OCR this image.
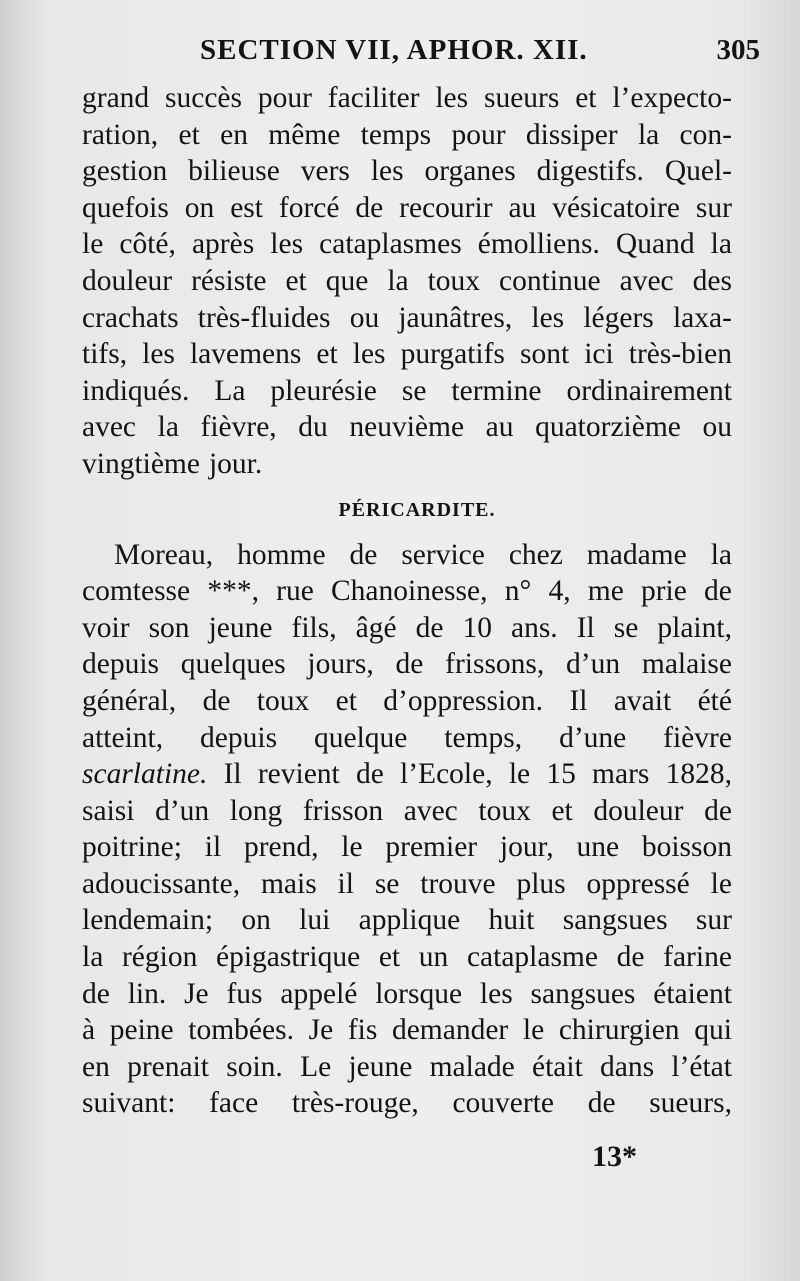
SECTION VII, APHOR. XII.	305
grand succès pour faciliter les sueurs et l’expecto-
ration, et en même temps pour dissiper la con-
gestion bilieuse vers les organes digestifs. Quel-
quefois on est forcé de recourir au vésicatoire sur
le côté, après les cataplasmes émolliens. Quand la
douleur résiste et que la toux continue avec des
crachats très-fluides ou jaunâtres, les légers laxa-
tifs, les lavemens et les purgatifs sont ici très-bien
indiqués. La pleurésie se termine ordinairement
avec la fièvre, du neuvième au quatorzième ou
vingtième jour.
PÉRICARDITE.
Moreau, homme de service chez madame la
comtesse ***, rue Chanoinesse, n° 4, me prie de
voir son jeune fils, âgé de 10 ans. Il se plaint,
depuis quelques jours, de frissons, d’un malaise
général, de toux et d’oppression. Il avait été
atteint, depuis quelque temps, d’une fièvre
scarlatine. Il revient de l’Ecole, le 15 mars 1828,
saisi d’un long frisson avec toux et douleur de
poitrine; il prend, le premier jour, une boisson
adoucissante, mais il se trouve plus oppressé le
lendemain; on lui applique huit sangsues sur
la région épigastrique et un cataplasme de farine
de lin. Je fus appelé lorsque les sangsues étaient
à peine tombées. Je fis demander le chirurgien qui
en prenait soin. Le jeune malade était dans l’état
suivant: face très-rouge, couverte de sueurs,
13*
